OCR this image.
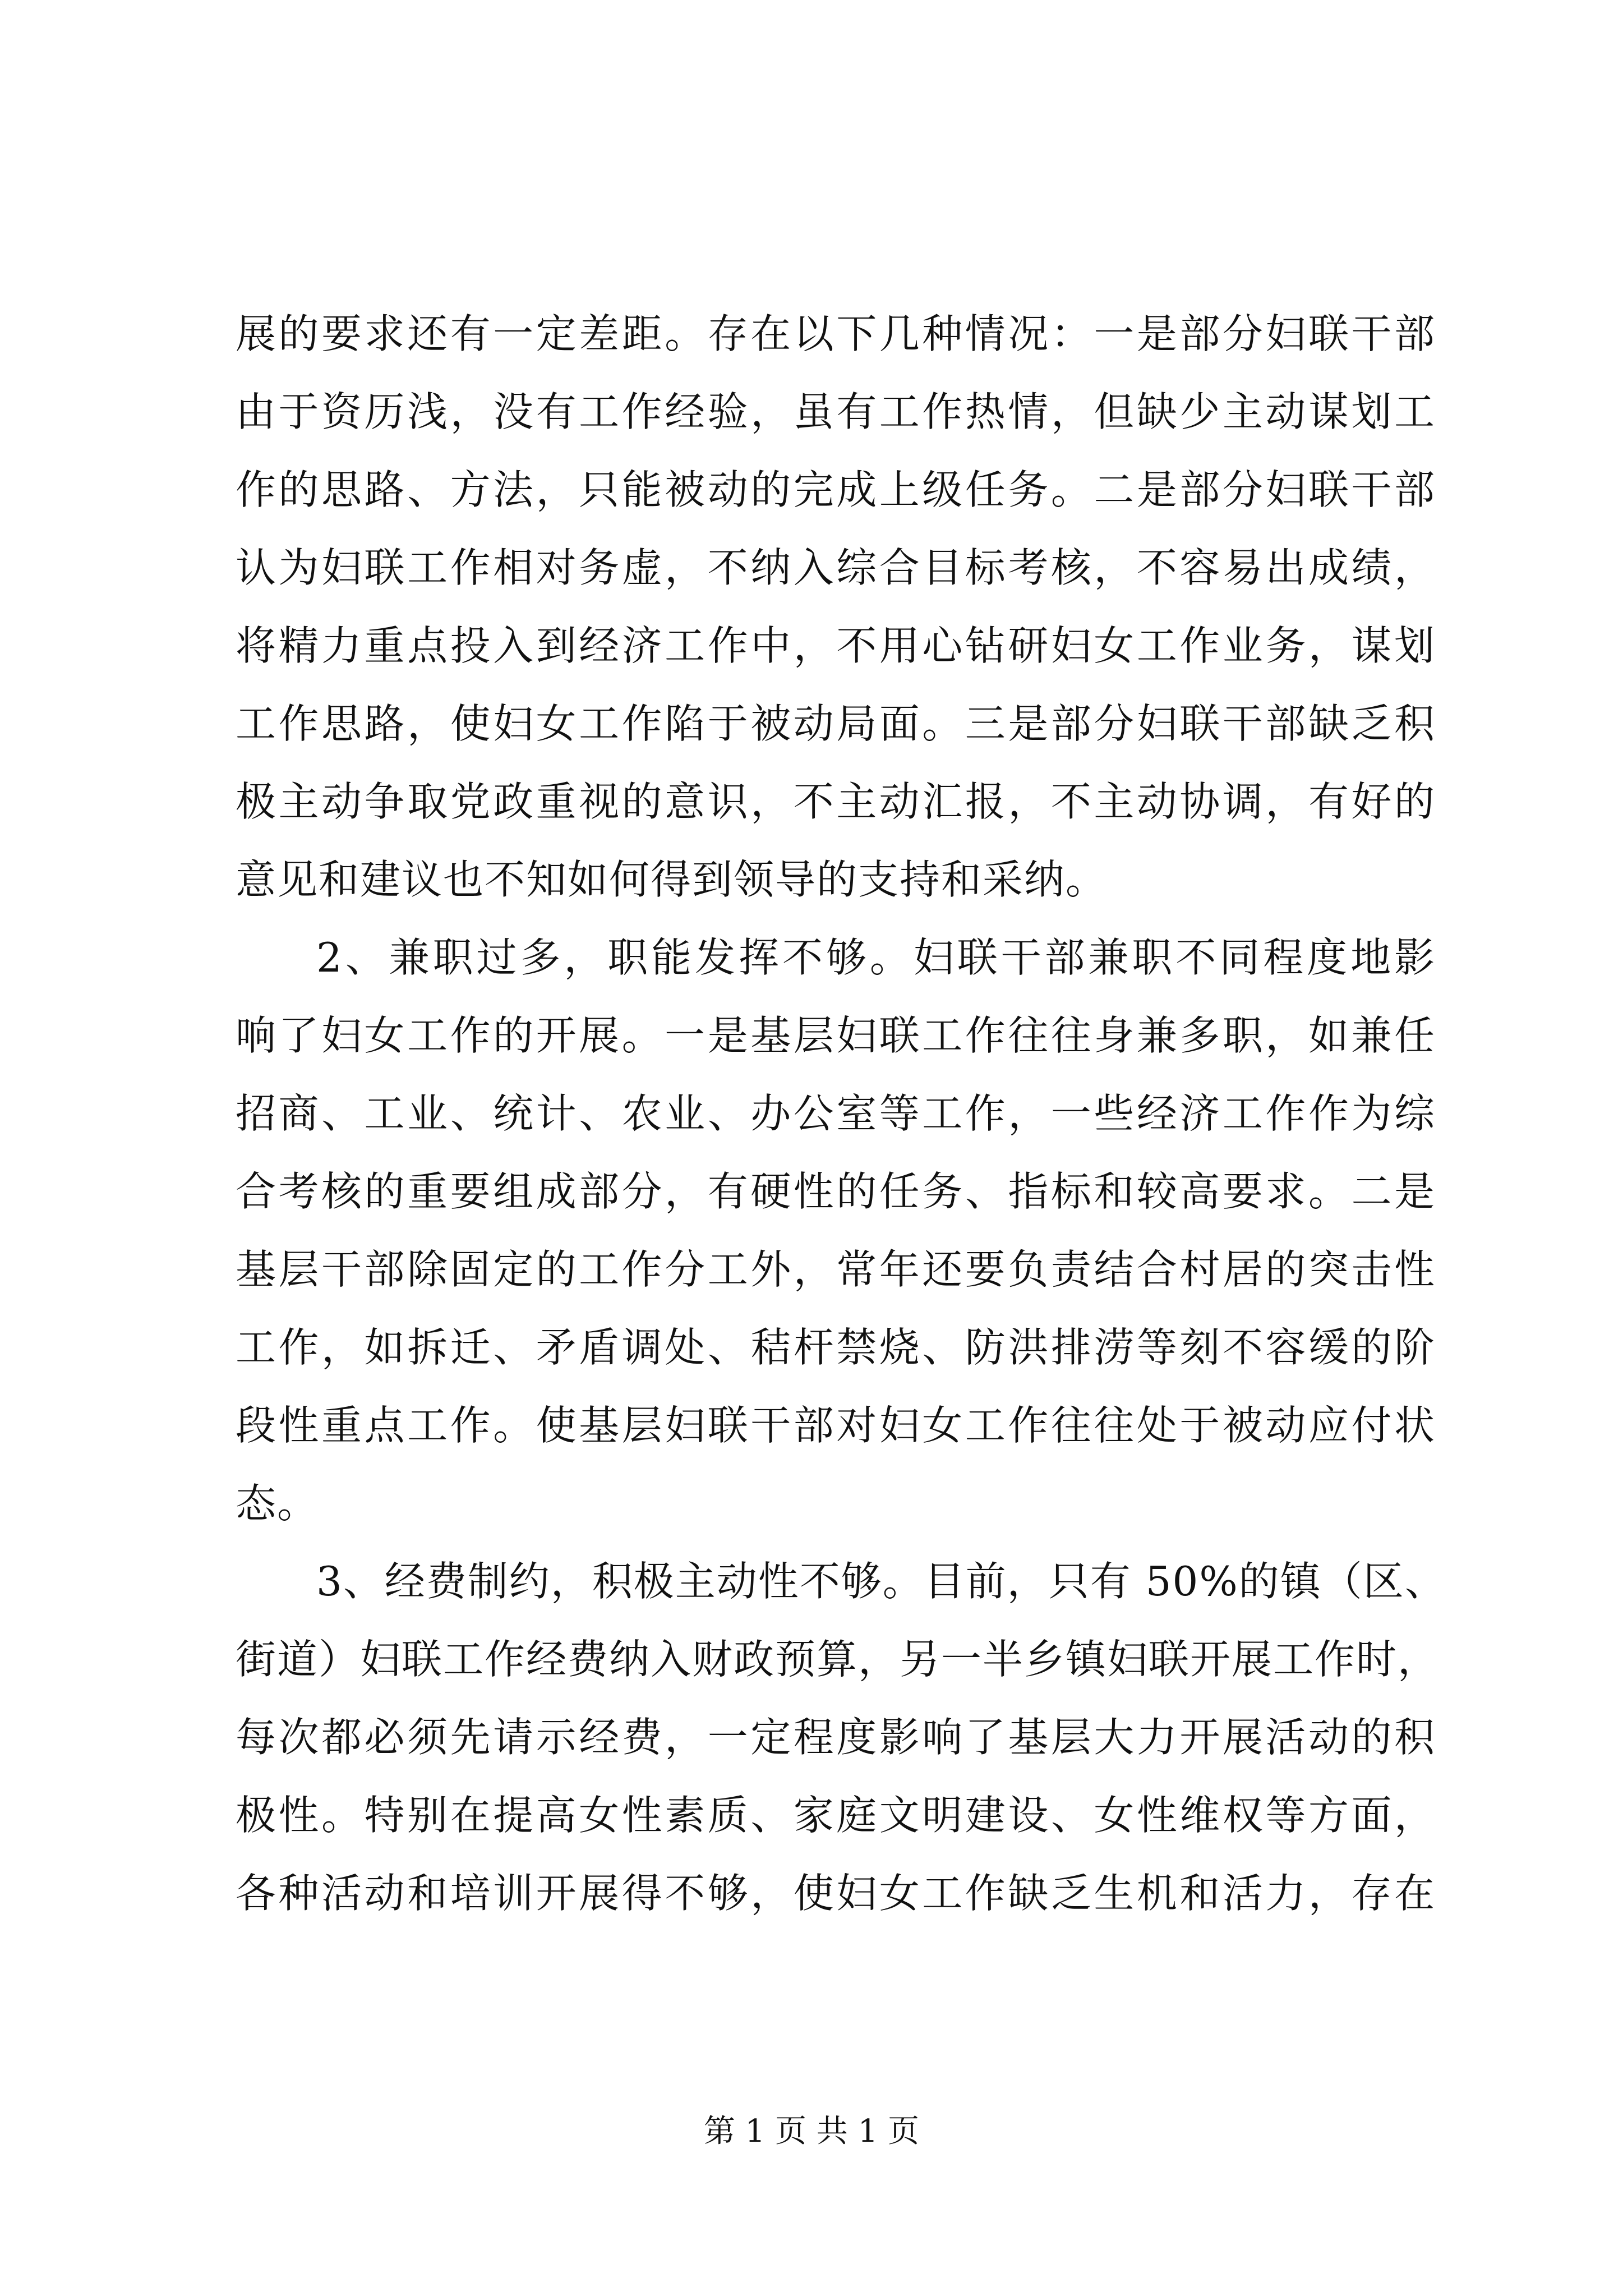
展的要求还有一定差距。存在以下几种情况：一是部分妇联干部
由于资历浅，没有工作经验，虽有工作热情，但缺少主动谋划工
作的思路、方法，只能被动的完成上级任务。二是部分妇联干部
认为妇联工作相对务虚，不纳入综合目标考核，不容易出成绩，
将精力重点投入到经济工作中，不用心钻研妇女工作业务，谋划
工作思路，使妇女工作陷于被动局面。三是部分妇联干部缺乏积
极主动争取党政重视的意识，不主动汇报，不主动协调，有好的
意见和建议也不知如何得到领导的支持和采纳。
2、兼职过多，职能发挥不够。妇联干部兼职不同程度地影
响了妇女工作的开展。一是基层妇联工作往往身兼多职，如兼任
招商、工业、统计、农业、办公室等工作，一些经济工作作为综
合考核的重要组成部分，有硬性的任务、指标和较高要求。二是
基层干部除固定的工作分工外，常年还要负责结合村居的突击性
工作，如拆迁、矛盾调处、秸杆禁烧、防洪排涝等刻不容缓的阶
段性重点工作。使基层妇联干部对妇女工作往往处于被动应付状
态。
3、经费制约，积极主动性不够。目前，只有 50%的镇（区、
街道）妇联工作经费纳入财政预算，另一半乡镇妇联开展工作时，
每次都必须先请示经费，一定程度影响了基层大力开展活动的积
极性。特别在提高女性素质、家庭文明建设、女性维权等方面，
各种活动和培训开展得不够，使妇女工作缺乏生机和活力，存在
第 1 页 共 1 页
